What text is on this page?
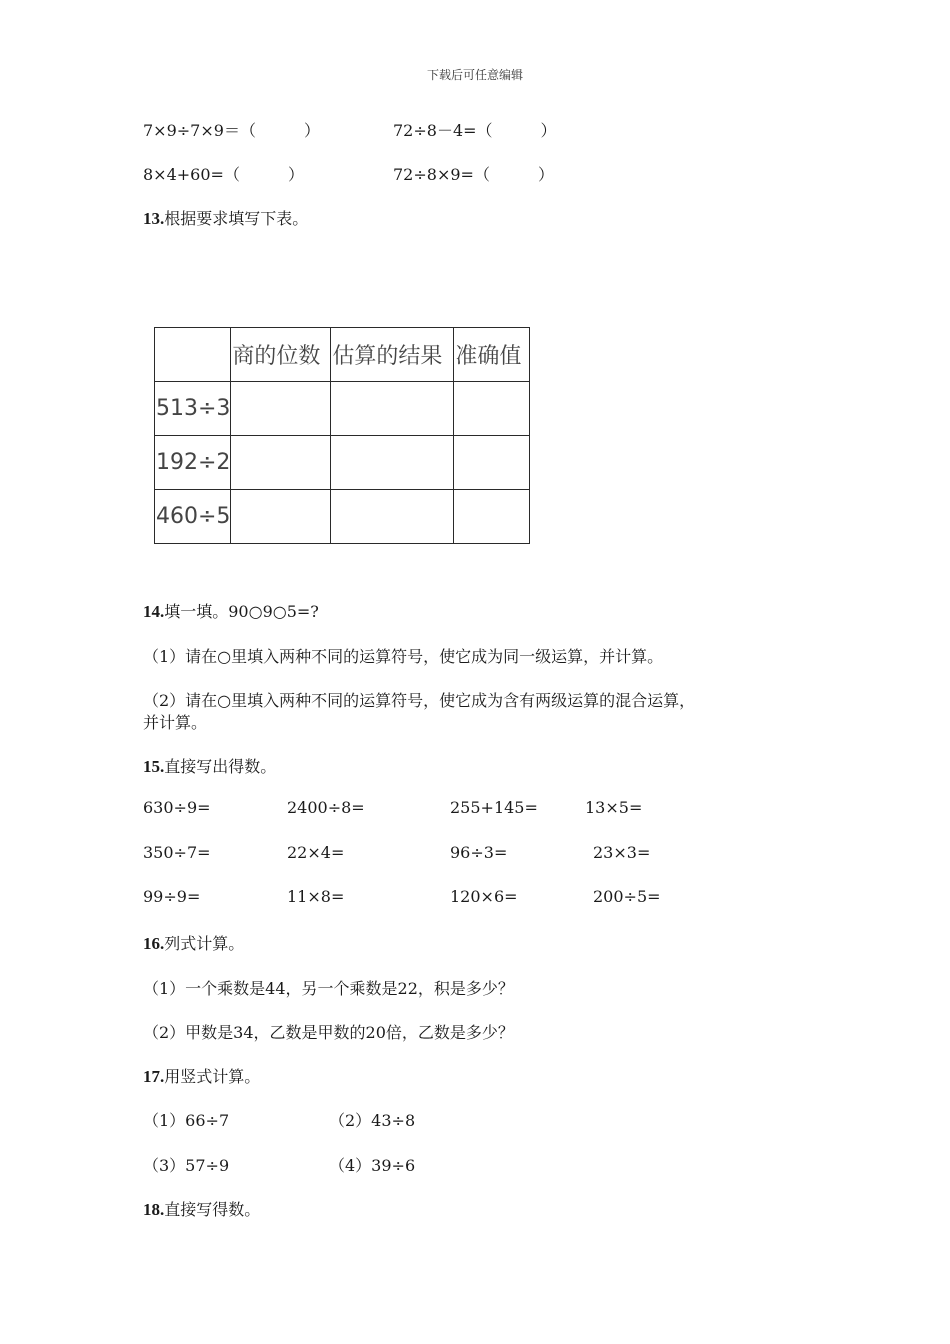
下载后可任意编辑
7×9÷7×9＝（　　　）	72÷8－4=（　　　）
8×4+60=（　　　）	72÷8×9=（　　　）
13.根据要求填写下表。
	商的位数	估算的结果	准确值
513÷3			
192÷2			
460÷5			
14.填一填。90○9○5=?
（1）请在○里填入两种不同的运算符号，使它成为同一级运算，并计算。
（2）请在○里填入两种不同的运算符号，使它成为含有两级运算的混合运算，
并计算。
15.直接写出得数。
630÷9=	2400÷8=	255+145=	13×5=
350÷7=	22×4=	96÷3=	23×3=
99÷9=	11×8=	120×6=	200÷5=
16.列式计算。
（1）一个乘数是44，另一个乘数是22，积是多少？
（2）甲数是34，乙数是甲数的20倍，乙数是多少？
17.用竖式计算。
（1）66÷7	（2）43÷8
（3）57÷9	（4）39÷6
18.直接写得数。
